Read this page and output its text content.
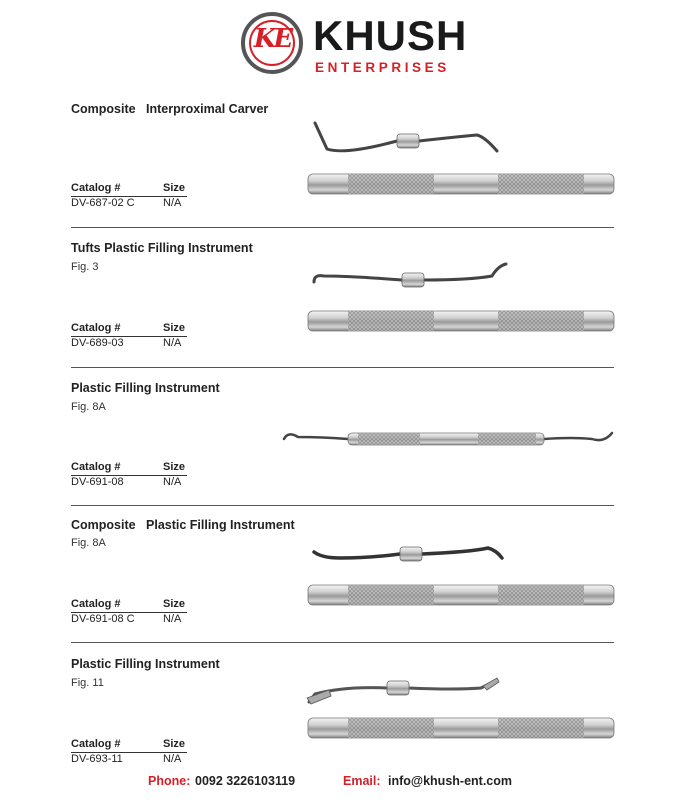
KE KHUSH
ENTERPRISES
Composite   Interproximal Carver
Catalog #	Size
DV-687-02 C	N/A
Tufts Plastic Filling Instrument
Fig. 3
Catalog #	Size
DV-689-03	N/A
Plastic Filling Instrument
Fig. 8A
Catalog #	Size
DV-691-08	N/A
Composite   Plastic Filling Instrument
Fig. 8A
Catalog #	Size
DV-691-08 C	N/A
Plastic Filling Instrument
Fig. 11
Catalog #	Size
DV-693-11	N/A
Phone: 0092 3226103119	Email: info@khush-ent.com
